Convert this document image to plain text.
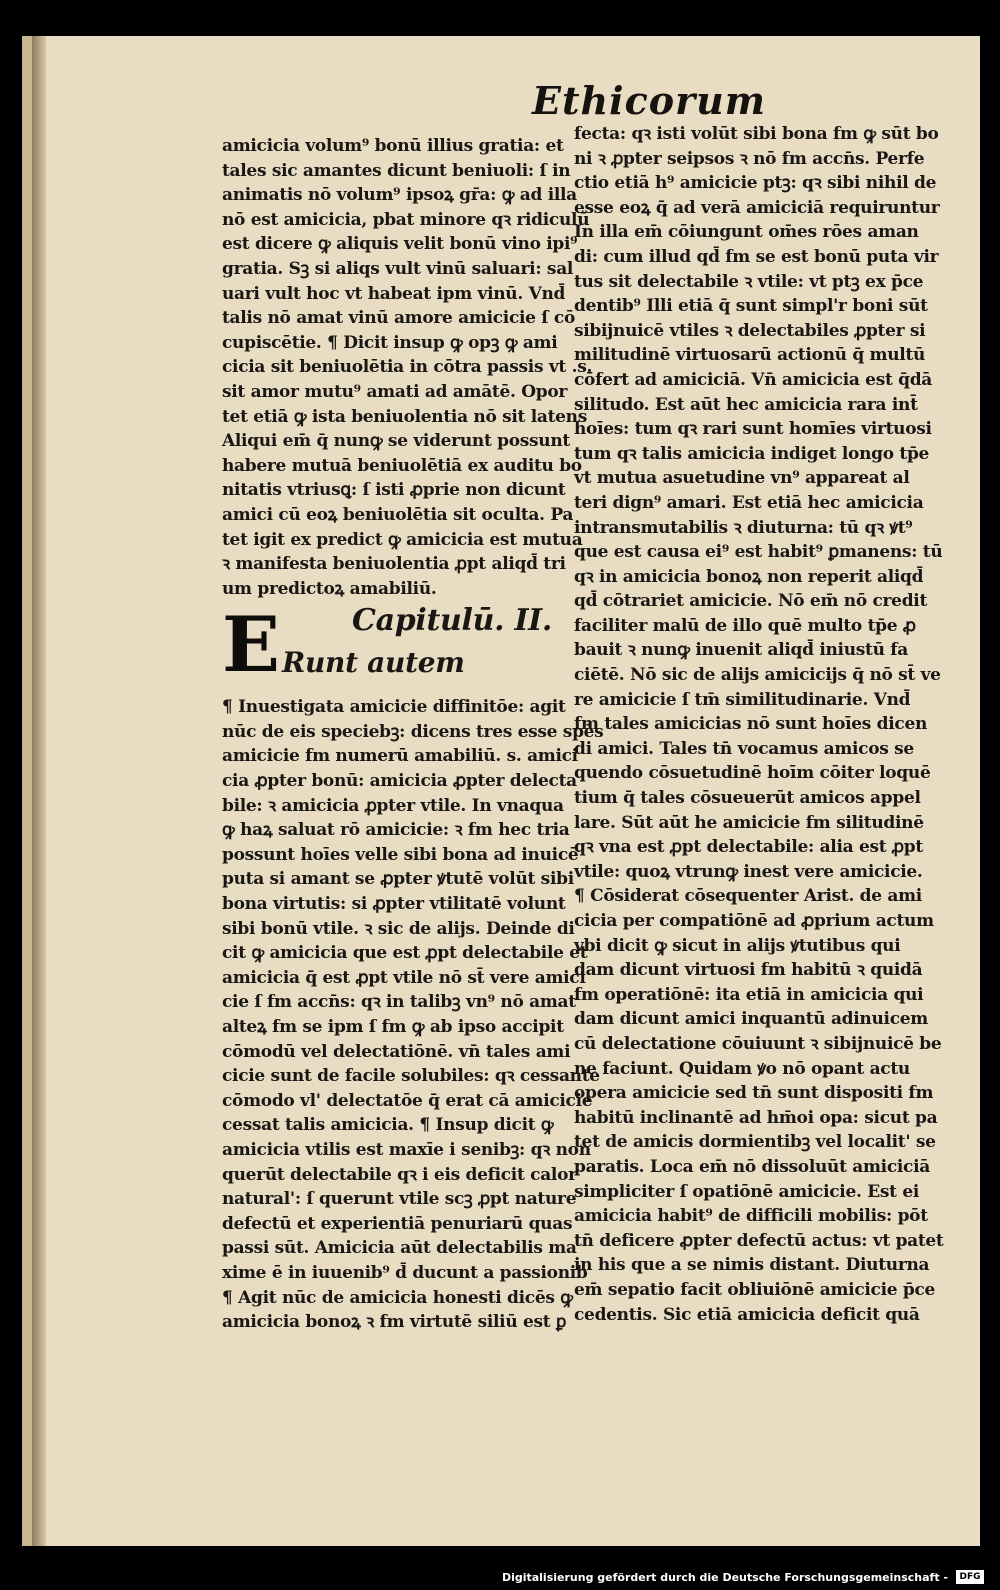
Ethicorum
amicicia volum⁹ bonū illius gratia: et
tales sic amantes dicunt beniuoli: ſ in
animatis nō volum⁹ ipsoꝝ gr̄a: ꝙ ad illa
nō est amicicia, pbat minore qꝛ ridiculū
est dicere ꝙ aliquis velit bonū vino ipi⁹
gratia. Sꝫ si aliqs vult vinū saluari: sal
uari vult hoc vt habeat ipm vinū. Vnd̄
talis nō amat vinū amore amicicie ſ cō
cupiscētie. ¶ Dicit insup ꝙ opꝫ ꝙ ami
cicia sit beniuolētia in cōtra passis vt .s.
sit amor mutu⁹ amati ad amātē. Opor
tet etiā ꝙ ista beniuolentia nō sit latens
Aliqui em̄ q̄ nunꝙ se viderunt possunt
habere mutuā beniuolētiā ex auditu bo
nitatis vtriusꝗ: ſ isti ꝓprie non dicunt
amici cū eoꝝ beniuolētia sit oculta. Pa
tet igit ex predict ꝙ amicicia est mutua
ꝛ manifesta beniuolentia ꝓpt aliqd̄ tri
um predictoꝝ amabiliū.
E Capitulū. II.
Runt autem
¶ Inuestigata amicicie diffinitōe: agit
nūc de eis speciebꝫ: dicens tres esse spēs
amicicie fm numerū amabiliū. s. amici
cia ꝓpter bonū: amicicia ꝓpter delecta
bile: ꝛ amicicia ꝓpter vtile. In vnaqua
ꝙ haꝝ saluat rō amicicie: ꝛ fm hec tria
possunt hoīes velle sibi bona ad inuicē
puta si amant se ꝓpter ꝟtutē volūt sibi
bona virtutis: si ꝓpter vtilitatē volunt
sibi bonū vtile. ꝛ sic de alijs. Deinde di
cit ꝙ amicicia que est ꝓpt delectabile et
amicicia q̄ est ꝓpt vtile nō st̄ vere amici
cie ſ fm accn̄s: qꝛ in talibꝫ vn⁹ nō amat
alteꝝ fm se ipm ſ fm ꝙ ab ipso accipit
cōmodū vel delectatiōnē. vn̄ tales ami
cicie sunt de facile solubiles: qꝛ cessante
cōmodo vl' delectatōe q̄ erat cā amicicie
cessat talis amicicia. ¶ Insup dicit ꝙ
amicicia vtilis est maxīe i senibꝫ: qꝛ non
querūt delectabile qꝛ i eis deficit calor
natural': ſ querunt vtile scꝫ ꝓpt nature
defectū et experientiā penuriarū quas
passi sūt. Amicicia aūt delectabilis ma
xime ē in iuuenib⁹ d̄ ducunt a passionib
¶ Agit nūc de amicicia honesti dicēs ꝙ
amicicia bonoꝝ ꝛ fm virtutē siliū est ꝑ
fecta: qꝛ isti volūt sibi bona fm ꝙ sūt bo
ni ꝛ ꝓpter seipsos ꝛ nō fm accn̄s. Perfe
ctio etiā h⁹ amicicie ptꝫ: qꝛ sibi nihil de
esse eoꝝ q̄ ad verā amiciciā requiruntur
In illa em̄ cōiungunt om̄es rōes aman
di: cum illud qd̄ fm se est bonū puta vir
tus sit delectabile ꝛ vtile: vt ptꝫ ex p̄ce
dentib⁹ Illi etiā q̄ sunt simpl'r boni sūt
sibijnuicē vtiles ꝛ delectabiles ꝓpter si
militudinē virtuosarū actionū q̄ multū
cōfert ad amiciciā. Vn̄ amicicia est q̄dā
silitudo. Est aūt hec amicicia rara int̄
hoīes: tum qꝛ rari sunt homīes virtuosi
tum qꝛ talis amicicia indiget longo tp̄e
vt mutua asuetudine vn⁹ appareat al
teri dign⁹ amari. Est etiā hec amicicia
intransmutabilis ꝛ diuturna: tū qꝛ ꝟt⁹
que est causa ei⁹ est habit⁹ ꝑmanens: tū
qꝛ in amicicia bonoꝝ non reperit aliqd̄
qd̄ cōtrariet amicicie. Nō em̄ nō credit
faciliter malū de illo quē multo tp̄e ꝓ
bauit ꝛ nunꝙ inuenit aliqd̄ iniustū fa
ciētē. Nō sic de alijs amicicijs q̄ nō st̄ ve
re amicicie ſ tm̄ similitudinarie. Vnd̄
fm tales amicicias nō sunt hoīes dicen
di amici. Tales tn̄ vocamus amicos se
quendo cōsuetudinē hoīm cōiter loquē
tium q̄ tales cōsueuerūt amicos appel
lare. Sūt aūt he amicicie fm silitudinē
qꝛ vna est ꝓpt delectabile: alia est ꝓpt
vtile: quoꝝ vtrunꝙ inest vere amicicie.
¶ Cōsiderat cōsequenter Arist. de ami
cicia per compatiōnē ad ꝓprium actum
vbi dicit ꝙ sicut in alijs ꝟtutibus qui
dam dicunt virtuosi fm habitū ꝛ quidā
fm operatiōnē: ita etiā in amicicia qui
dam dicunt amici inquantū adinuicem
cū delectatione cōuiuunt ꝛ sibijnuicē be
ne faciunt. Quidam ꝟo nō opant actu
opera amicicie sed tn̄ sunt dispositi fm
habitū inclinantē ad hm̄oi opa: sicut pa
tet de amicis dormientibꝫ vel localit' se
paratis. Loca em̄ nō dissoluūt amiciciā
simpliciter ſ opatiōnē amicicie. Est ei
amicicia habit⁹ de difficili mobilis: pōt
tn̄ deficere ꝓpter defectū actus: vt patet
in his que a se nimis distant. Diuturna
em̄ sepatio facit obliuiōnē amicicie p̄ce
cedentis. Sic etiā amicicia deficit quā
Digitalisierung gefördert durch die Deutsche Forschungsgemeinschaft -	DFG
